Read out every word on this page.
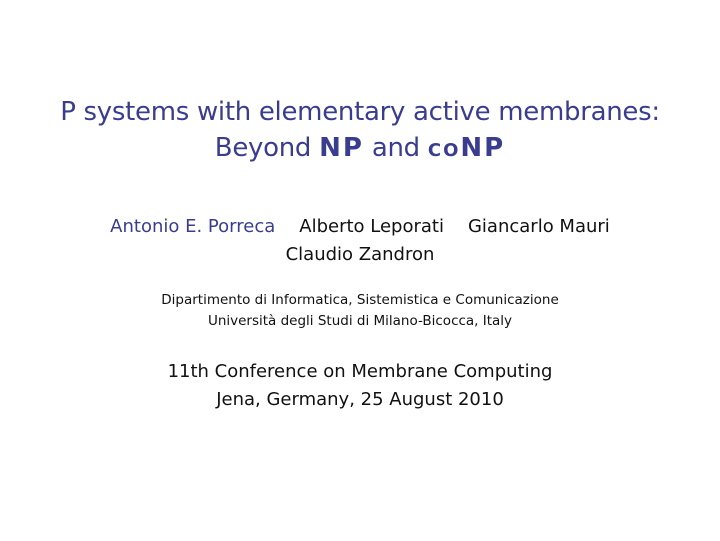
P systems with elementary active membranes:
Beyond NP and coNP
Antonio E. Porreca Alberto Leporati Giancarlo Mauri
Claudio Zandron
Dipartimento di Informatica, Sistemistica e Comunicazione
Università degli Studi di Milano-Bicocca, Italy
11th Conference on Membrane Computing
Jena, Germany, 25 August 2010
